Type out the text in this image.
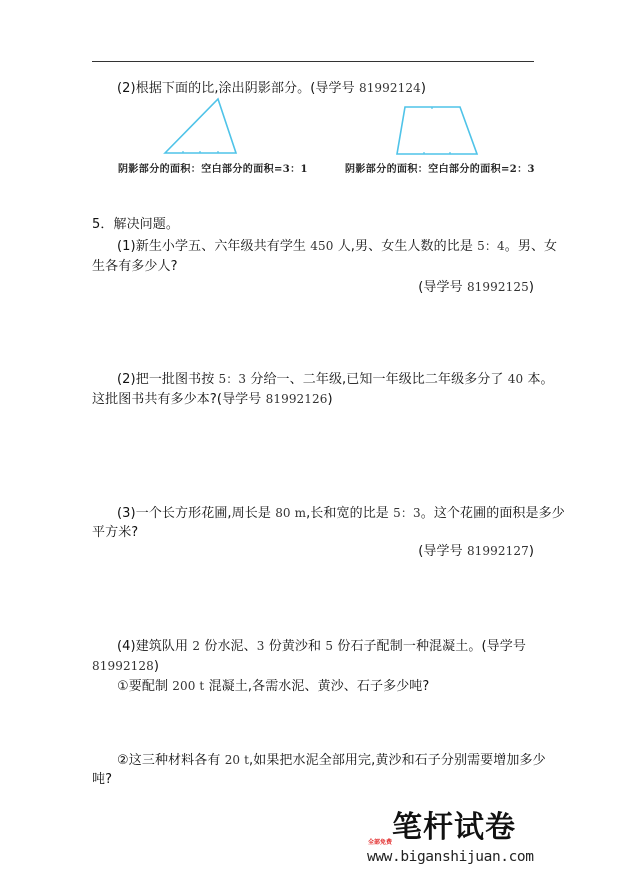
(2)根据下面的比,涂出阴影部分。(导学号 81992124)
阴影部分的面积：空白部分的面积=3：1	阴影部分的面积：空白部分的面积=2：3
5．解决问题。
(1)新生小学五、六年级共有学生 450 人,男、女生人数的比是 5：4。男、女
生各有多少人?
(导学号 81992125)
(2)把一批图书按 5：3 分给一、二年级,已知一年级比二年级多分了 40 本。
这批图书共有多少本?(导学号 81992126)
(3)一个长方形花圃,周长是 80 m,长和宽的比是 5：3。这个花圃的面积是多少
平方米?
(导学号 81992127)
(4)建筑队用 2 份水泥、3 份黄沙和 5 份石子配制一种混凝土。(导学号
81992128)
①要配制 200 t 混凝土,各需水泥、黄沙、石子多少吨?
②这三种材料各有 20 t,如果把水泥全部用完,黄沙和石子分别需要增加多少
吨?
笔杆试卷
全部免费
www.biganshijuan.com
